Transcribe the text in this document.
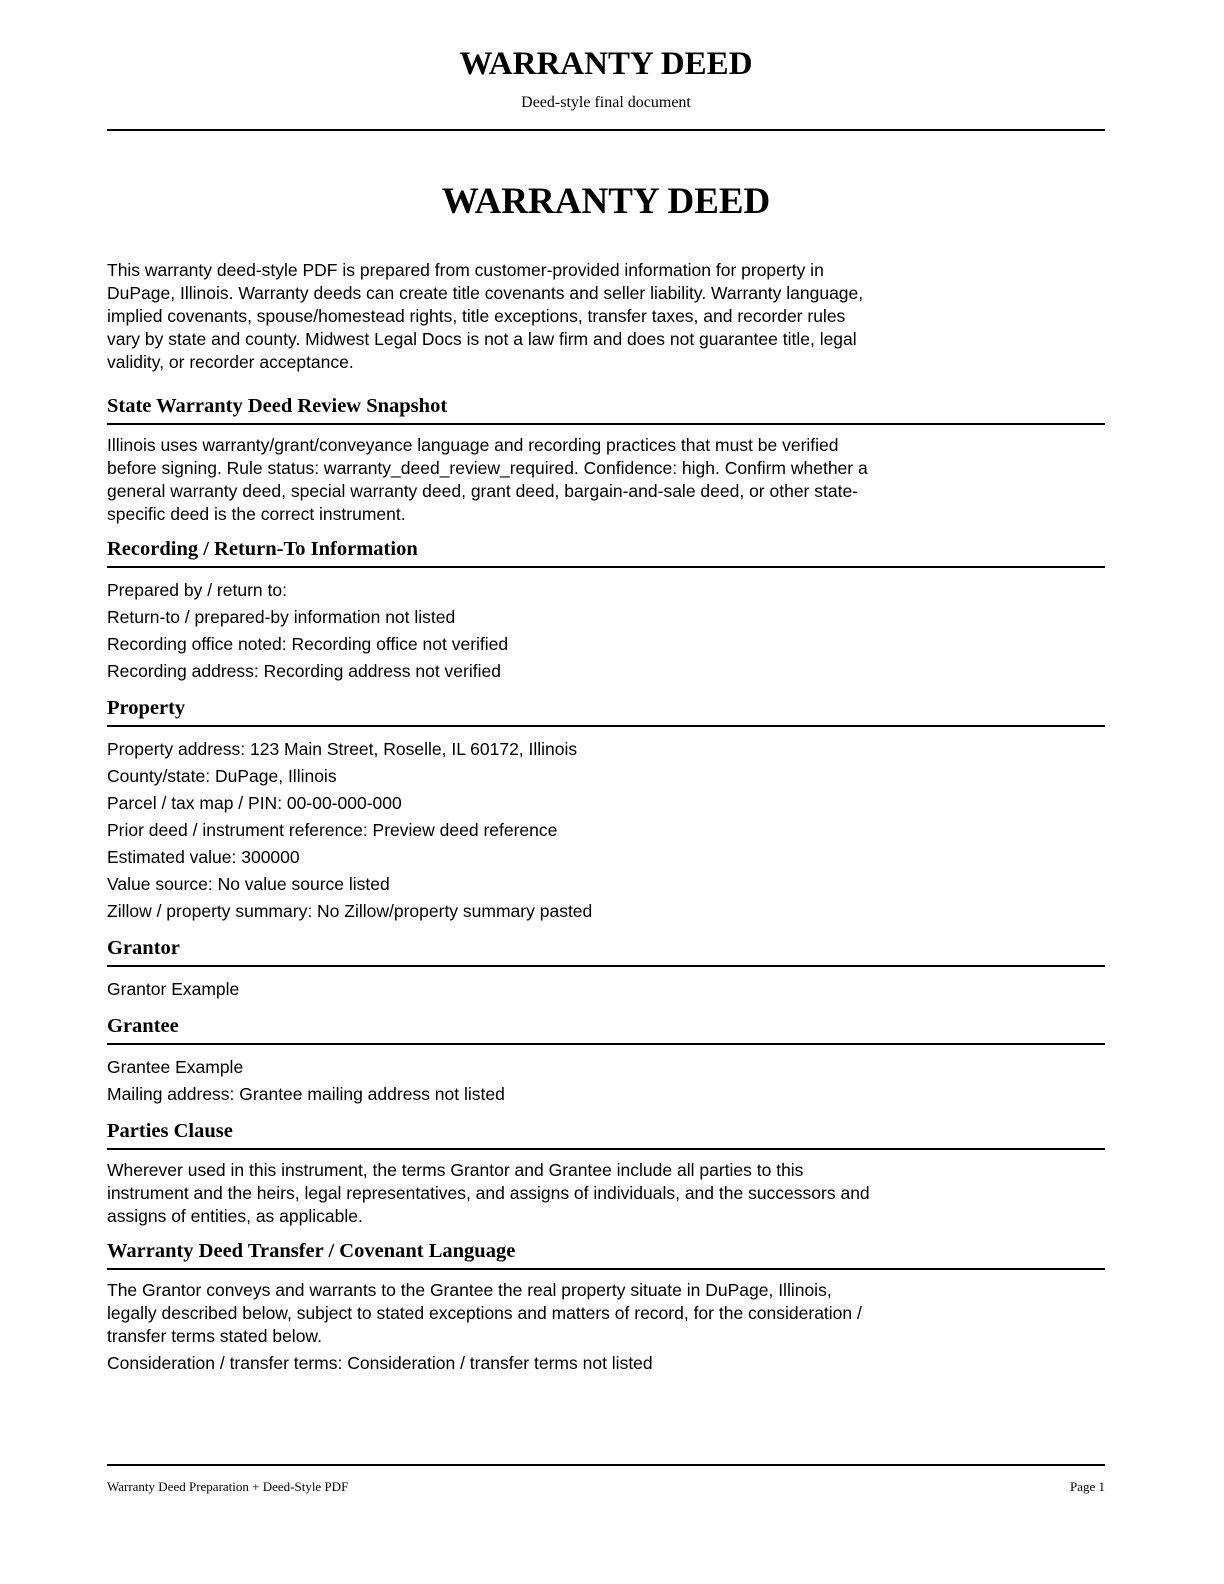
WARRANTY DEED
Deed-style final document
WARRANTY DEED

This warranty deed-style PDF is prepared from customer-provided information for property in DuPage, Illinois. Warranty deeds can create title covenants and seller liability. Warranty language, implied covenants, spouse/homestead rights, title exceptions, transfer taxes, and recorder rules vary by state and county. Midwest Legal Docs is not a law firm and does not guarantee title, legal validity, or recorder acceptance.

State Warranty Deed Review Snapshot

Illinois uses warranty/grant/conveyance language and recording practices that must be verified before signing. Rule status: warranty_deed_review_required. Confidence: high. Confirm whether a general warranty deed, special warranty deed, grant deed, bargain-and-sale deed, or other state-specific deed is the correct instrument.

Recording / Return-To Information

Prepared by / return to:

Return-to / prepared-by information not listed

Recording office noted: Recording office not verified

Recording address: Recording address not verified

Property

Property address: 123 Main Street, Roselle, IL 60172, Illinois

County/state: DuPage, Illinois

Parcel / tax map / PIN: 00-00-000-000

Prior deed / instrument reference: Preview deed reference

Estimated value: 300000

Value source: No value source listed

Zillow / property summary: No Zillow/property summary pasted

Grantor

Grantor Example

Grantee

Grantee Example

Mailing address: Grantee mailing address not listed

Parties Clause

Wherever used in this instrument, the terms Grantor and Grantee include all parties to this instrument and the heirs, legal representatives, and assigns of individuals, and the successors and assigns of entities, as applicable.

Warranty Deed Transfer / Covenant Language

The Grantor conveys and warrants to the Grantee the real property situate in DuPage, Illinois, legally described below, subject to stated exceptions and matters of record, for the consideration / transfer terms stated below.

Consideration / transfer terms: Consideration / transfer terms not listed

Warranty Deed Preparation + Deed-Style PDF	Page 1
